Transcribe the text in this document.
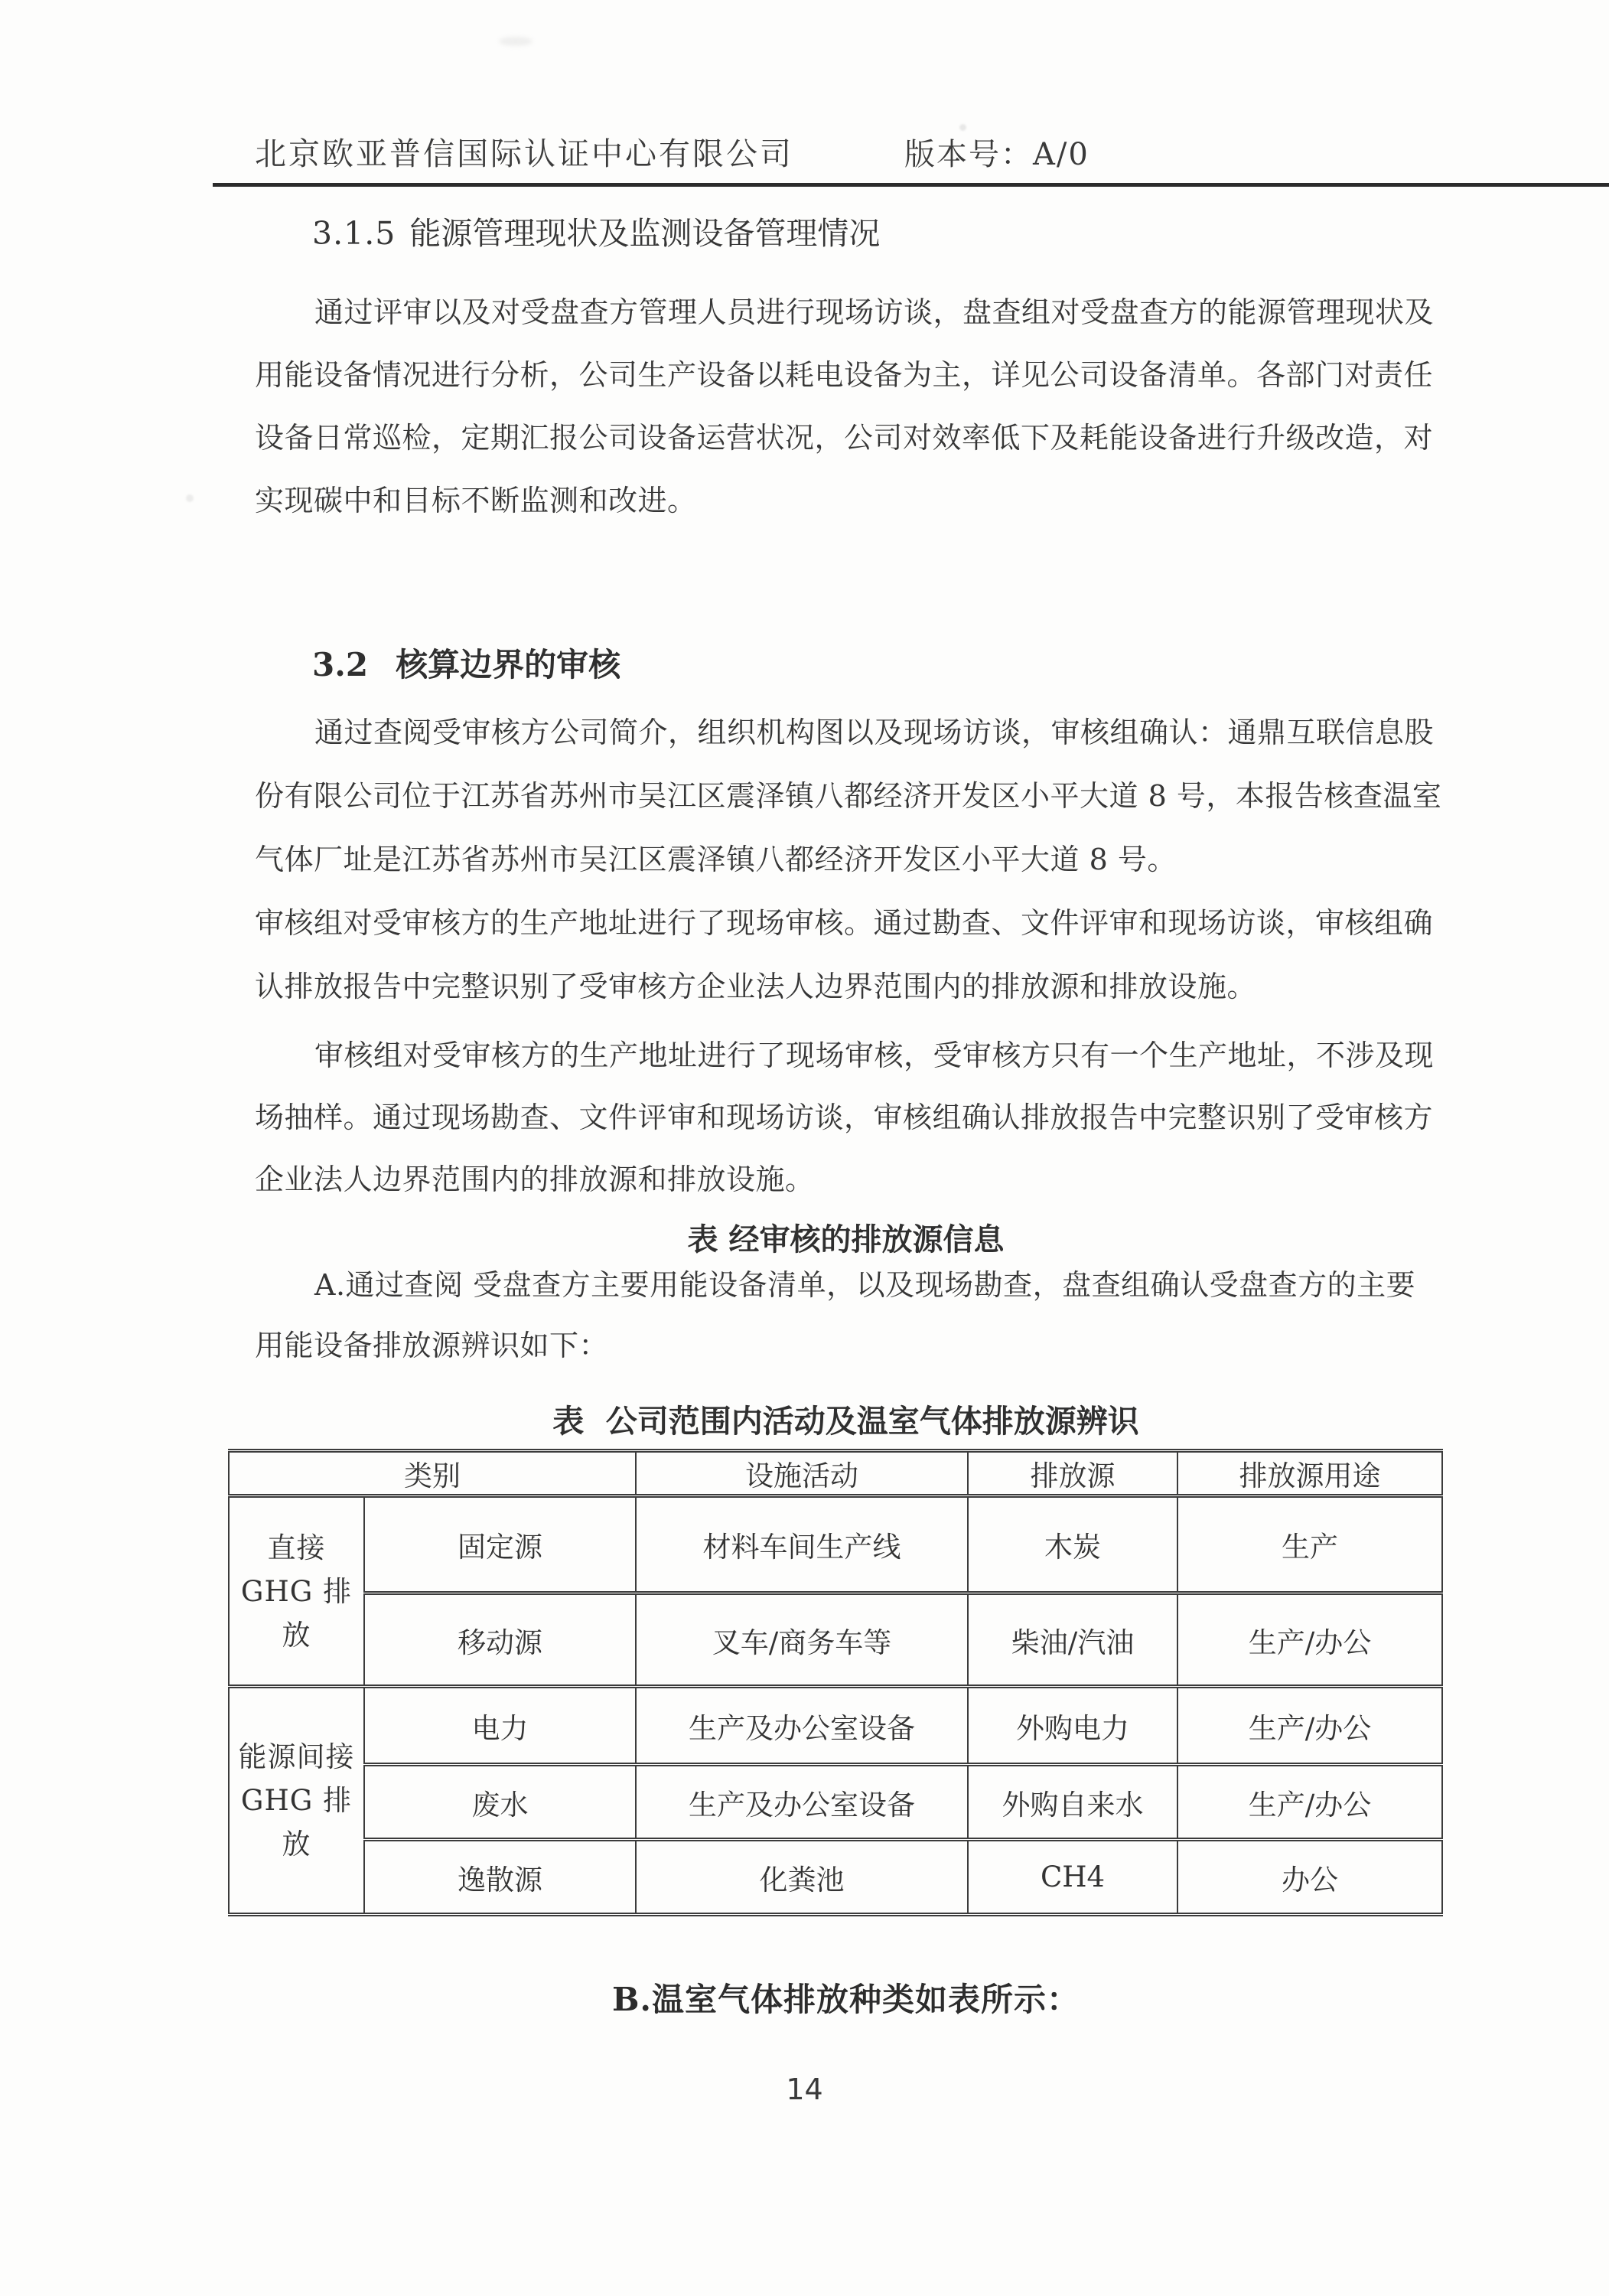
北京欧亚普信国际认证中心有限公司	版本号：A/0
3.1.5 能源管理现状及监测设备管理情况
通过评审以及对受盘查方管理人员进行现场访谈，盘查组对受盘查方的能源管理现状及
用能设备情况进行分析，公司生产设备以耗电设备为主，详见公司设备清单。各部门对责任
设备日常巡检，定期汇报公司设备运营状况，公司对效率低下及耗能设备进行升级改造，对
实现碳中和目标不断监测和改进。
3.2 核算边界的审核
通过查阅受审核方公司简介，组织机构图以及现场访谈，审核组确认：通鼎互联信息股
份有限公司位于江苏省苏州市吴江区震泽镇八都经济开发区小平大道 8 号，本报告核查温室
气体厂址是江苏省苏州市吴江区震泽镇八都经济开发区小平大道 8 号。
审核组对受审核方的生产地址进行了现场审核。通过勘查、文件评审和现场访谈，审核组确
认排放报告中完整识别了受审核方企业法人边界范围内的排放源和排放设施。
审核组对受审核方的生产地址进行了现场审核，受审核方只有一个生产地址，不涉及现
场抽样。通过现场勘查、文件评审和现场访谈，审核组确认排放报告中完整识别了受审核方
企业法人边界范围内的排放源和排放设施。
表 经审核的排放源信息
A.通过查阅 受盘查方主要用能设备清单，以及现场勘查，盘查组确认受盘查方的主要
用能设备排放源辨识如下：
表  公司范围内活动及温室气体排放源辨识
类别		设施活动	排放源	排放源用途

直接
GHG 排放	固定源	材料车间生产线	木炭	生产
	移动源	叉车/商务车等	柴油/汽油	生产/办公

能源间接
GHG 排放	电力	生产及办公室设备	外购电力	生产/办公
	废水	生产及办公室设备	外购自来水	生产/办公
	逸散源	化粪池	CH4	办公
B.温室气体排放种类如表所示：
14
